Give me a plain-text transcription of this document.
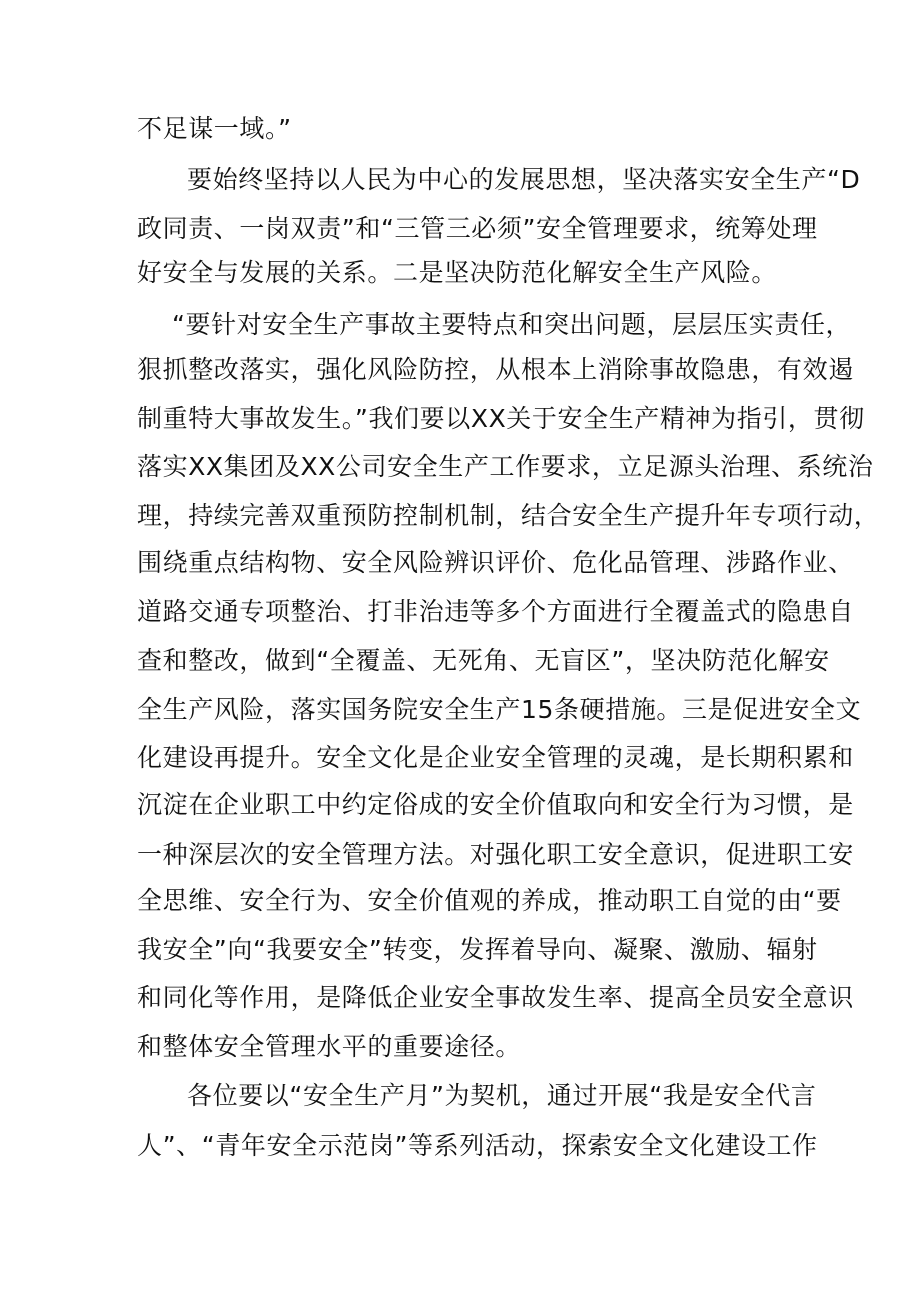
不足谋一域。”
要始终坚持以人民为中心的发展思想，坚决落实安全生产“D
政同责、一岗双责”和“三管三必须”安全管理要求，统筹处理
好安全与发展的关系。二是坚决防范化解安全生产风险。
“要针对安全生产事故主要特点和突出问题，层层压实责任，
狠抓整改落实，强化风险防控，从根本上消除事故隐患，有效遏
制重特大事故发生。”我们要以XX关于安全生产精神为指引，贯彻
落实XX集团及XX公司安全生产工作要求，立足源头治理、系统治
理，持续完善双重预防控制机制，结合安全生产提升年专项行动，
围绕重点结构物、安全风险辨识评价、危化品管理、涉路作业、
道路交通专项整治、打非治违等多个方面进行全覆盖式的隐患自
查和整改，做到“全覆盖、无死角、无盲区”，坚决防范化解安
全生产风险，落实国务院安全生产15条硬措施。三是促进安全文
化建设再提升。安全文化是企业安全管理的灵魂，是长期积累和
沉淀在企业职工中约定俗成的安全价值取向和安全行为习惯，是
一种深层次的安全管理方法。对强化职工安全意识，促进职工安
全思维、安全行为、安全价值观的养成，推动职工自觉的由“要
我安全”向“我要安全”转变，发挥着导向、凝聚、激励、辐射
和同化等作用，是降低企业安全事故发生率、提高全员安全意识
和整体安全管理水平的重要途径。
各位要以“安全生产月”为契机，通过开展“我是安全代言
人”、“青年安全示范岗”等系列活动，探索安全文化建设工作
